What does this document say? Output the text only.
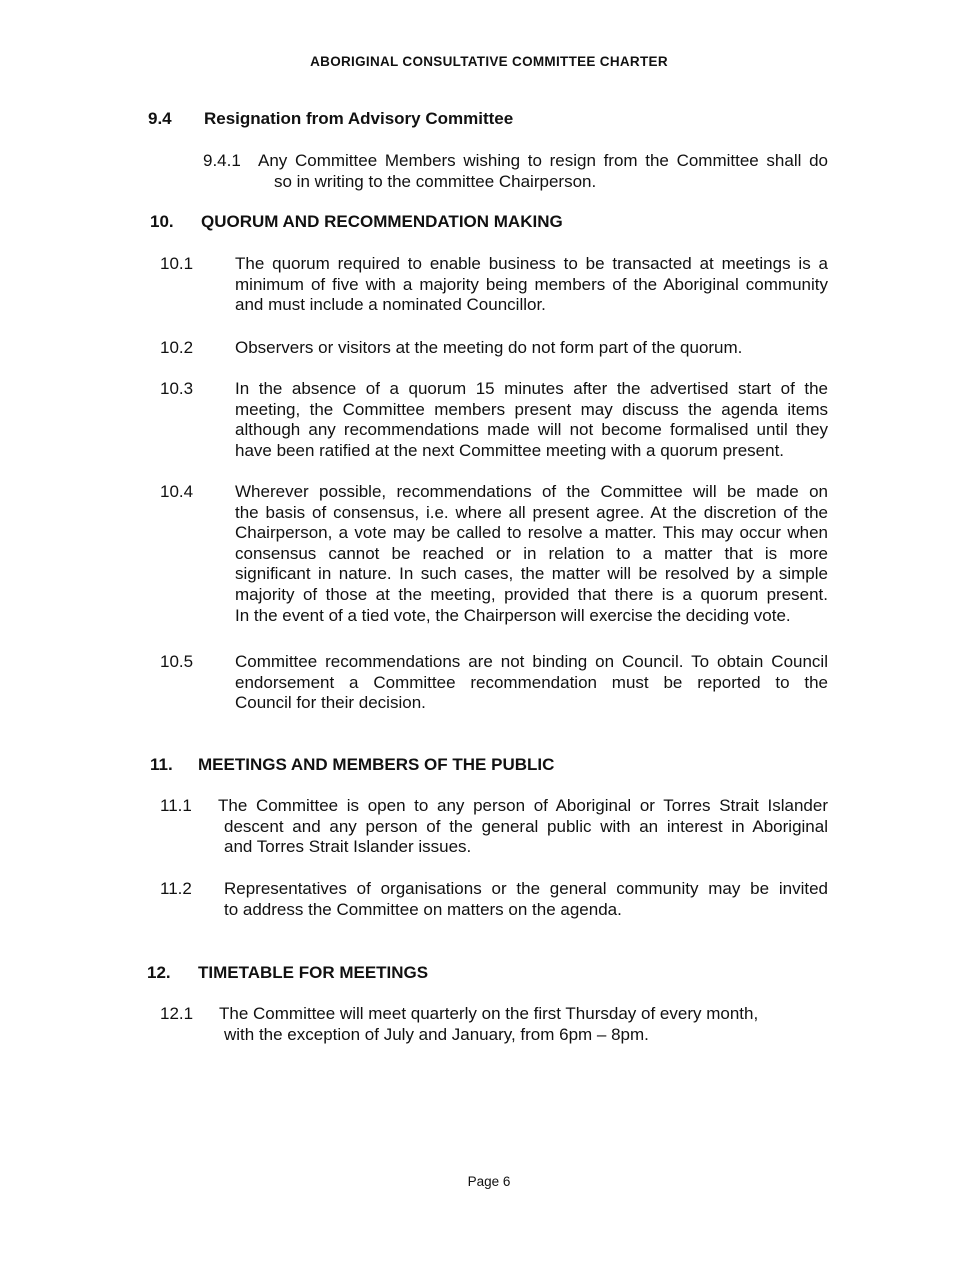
ABORIGINAL CONSULTATIVE COMMITTEE CHARTER
9.4 Resignation from Advisory Committee
9.4.1 Any Committee Members wishing to resign from the Committee shall do
so in writing to the committee Chairperson.
10. QUORUM AND RECOMMENDATION MAKING
10.1 The quorum required to enable business to be transacted at meetings is a
minimum of five with a majority being members of the Aboriginal community
and must include a nominated Councillor.
10.2 Observers or visitors at the meeting do not form part of the quorum.
10.3 In the absence of a quorum 15 minutes after the advertised start of the
meeting, the Committee members present may discuss the agenda items
although any recommendations made will not become formalised until they
have been ratified at the next Committee meeting with a quorum present.
10.4 Wherever possible, recommendations of the Committee will be made on
the basis of consensus, i.e. where all present agree. At the discretion of the
Chairperson, a vote may be called to resolve a matter. This may occur when
consensus cannot be reached or in relation to a matter that is more
significant in nature. In such cases, the matter will be resolved by a simple
majority of those at the meeting, provided that there is a quorum present.
In the event of a tied vote, the Chairperson will exercise the deciding vote.
10.5 Committee recommendations are not binding on Council. To obtain Council
endorsement a Committee recommendation must be reported to the
Council for their decision.
11. MEETINGS AND MEMBERS OF THE PUBLIC
11.1 The Committee is open to any person of Aboriginal or Torres Strait Islander
descent and any person of the general public with an interest in Aboriginal
and Torres Strait Islander issues.
11.2 Representatives of organisations or the general community may be invited
to address the Committee on matters on the agenda.
12. TIMETABLE FOR MEETINGS
12.1 The Committee will meet quarterly on the first Thursday of every month,
with the exception of July and January, from 6pm – 8pm.
Page 6
